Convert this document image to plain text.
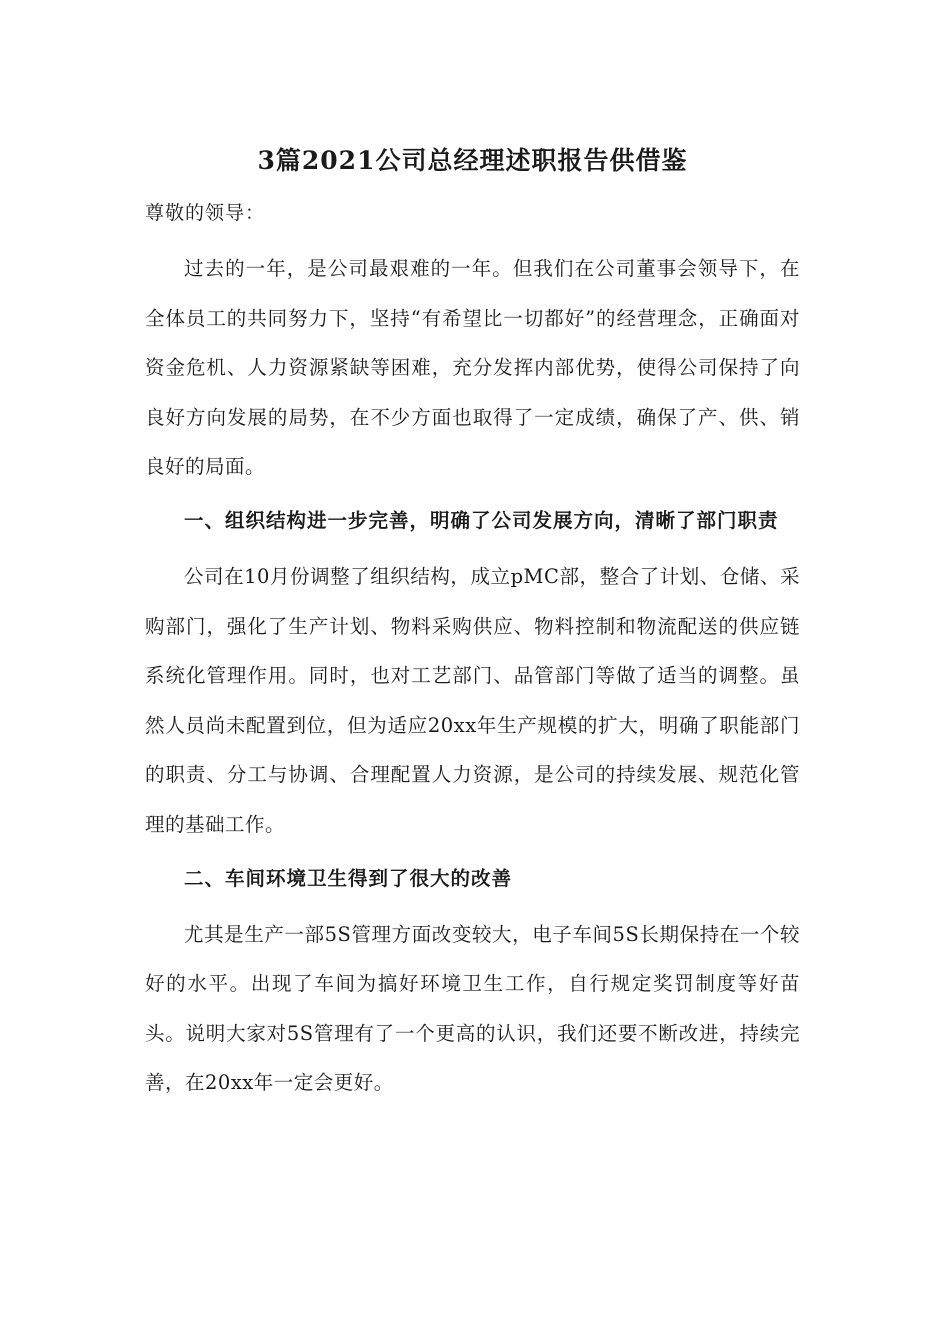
3篇2021公司总经理述职报告供借鉴

尊敬的领导：

过去的一年，是公司最艰难的一年。但我们在公司董事会领导下，在全体员工的共同努力下，坚持“有希望比一切都好”的经营理念，正确面对资金危机、人力资源紧缺等困难，充分发挥内部优势，使得公司保持了向良好方向发展的局势，在不少方面也取得了一定成绩，确保了产、供、销良好的局面。

一、组织结构进一步完善，明确了公司发展方向，清晰了部门职责

公司在10月份调整了组织结构，成立pMC部，整合了计划、仓储、采购部门，强化了生产计划、物料采购供应、物料控制和物流配送的供应链系统化管理作用。同时，也对工艺部门、品管部门等做了适当的调整。虽然人员尚未配置到位，但为适应20xx年生产规模的扩大，明确了职能部门的职责、分工与协调、合理配置人力资源，是公司的持续发展、规范化管理的基础工作。

二、车间环境卫生得到了很大的改善

尤其是生产一部5S管理方面改变较大，电子车间5S长期保持在一个较好的水平。出现了车间为搞好环境卫生工作，自行规定奖罚制度等好苗头。说明大家对5S管理有了一个更高的认识，我们还要不断改进，持续完善，在20xx年一定会更好。
